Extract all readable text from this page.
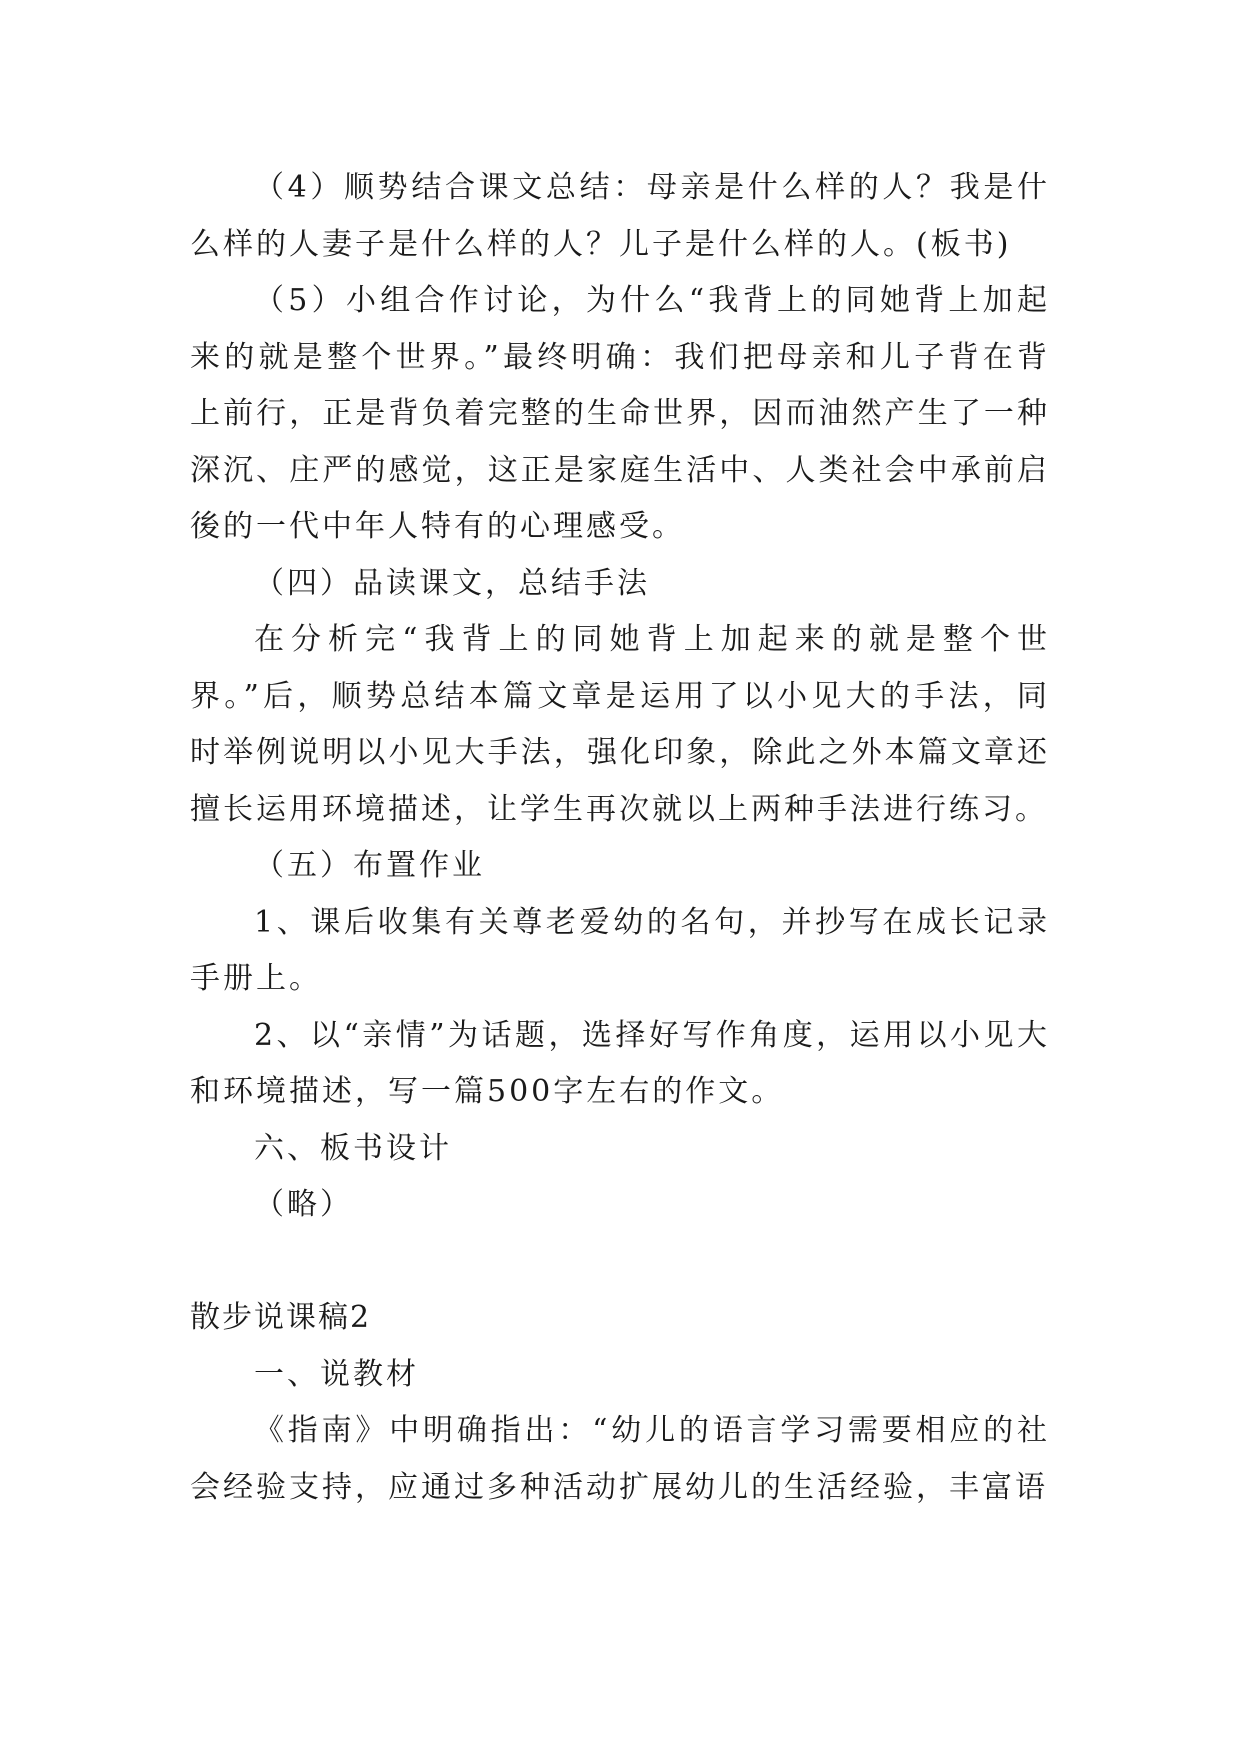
（4）顺势结合课文总结：母亲是什么样的人？我是什么样的人妻子是什么样的人？儿子是什么样的人。(板书)

（5）小组合作讨论，为什么“我背上的同她背上加起来的就是整个世界。”最终明确：我们把母亲和儿子背在背上前行，正是背负着完整的生命世界，因而油然产生了一种深沉、庄严的感觉，这正是家庭生活中、人类社会中承前启後的一代中年人特有的心理感受。

（四）品读课文，总结手法

在分析完“我背上的同她背上加起来的就是整个世界。”后，顺势总结本篇文章是运用了以小见大的手法，同时举例说明以小见大手法，强化印象，除此之外本篇文章还擅长运用环境描述，让学生再次就以上两种手法进行练习。

（五）布置作业

1、课后收集有关尊老爱幼的名句，并抄写在成长记录手册上。

2、以“亲情”为话题，选择好写作角度，运用以小见大和环境描述，写一篇500字左右的作文。

六、板书设计

（略）

散步说课稿2

一、说教材

《指南》中明确指出：“幼儿的语言学习需要相应的社会经验支持，应通过多种活动扩展幼儿的生活经验，丰富语
